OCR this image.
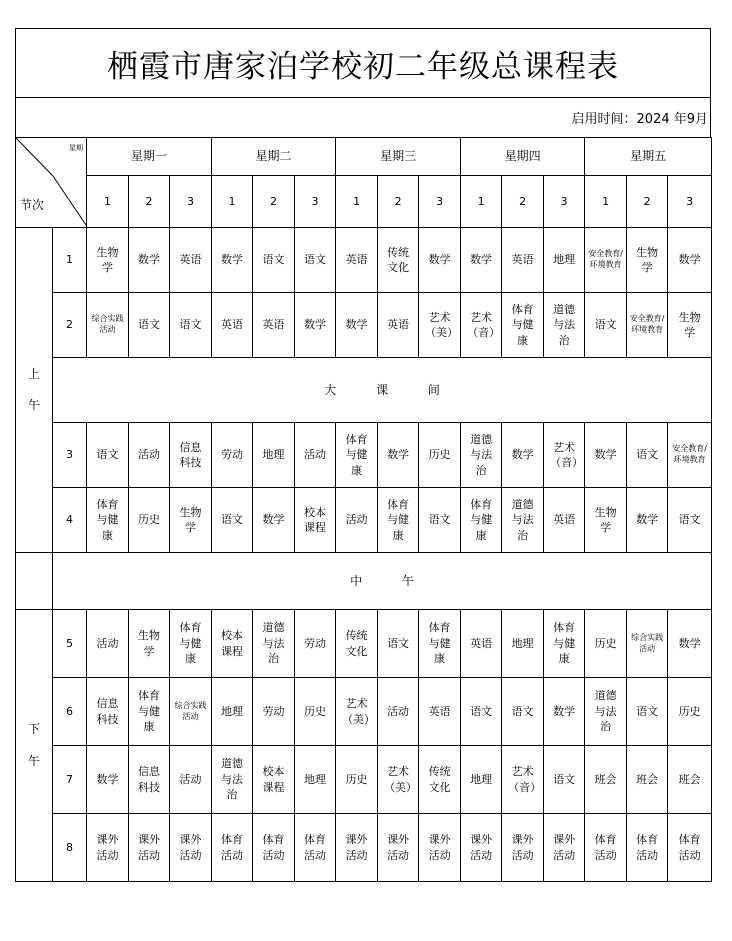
栖霞市唐家泊学校初二年级总课程表
启用时间：2024 年9月
星期
节次		星期一			星期二			星期三			星期四			星期五		
		1	2	3	1	2	3	1	2	3	1	2	3	1	2	3

上
午	1	生物学	数学	英语	数学	语文	语文	英语	传统文化	数学	数学	英语	地理	安全教育/环境教育	生物学	数学
	2	综合实践活动	语文	语文	英语	英语	数学	数学	英语	艺术（美）	艺术（音）	体育与健康	道德与法治	语文	安全教育/环境教育	生物学
	大 课 间															
	3	语文	活动	信息科技	劳动	地理	活动	体育与健康	数学	历史	道德与法治	数学	艺术（音）	数学	语文	安全教育/环境教育
	4	体育与健康	历史	生物学	语文	数学	校本课程	活动	体育与健康	语文	体育与健康	道德与法治	英语	生物学	数学	语文
	中 午															

下
午	5	活动	生物学	体育与健康	校本课程	道德与法治	劳动	传统文化	语文	体育与健康	英语	地理	体育与健康	历史	综合实践活动	数学
	6	信息科技	体育与健康	综合实践活动	地理	劳动	历史	艺术（美）	活动	英语	语文	语文	数学	道德与法治	语文	历史
	7	数学	信息科技	活动	道德与法治	校本课程	地理	历史	艺术（美）	传统文化	地理	艺术（音）	语文	班会	班会	班会
	8	课外活动	课外活动	课外活动	体育活动	体育活动	体育活动	课外活动	课外活动	课外活动	课外活动	课外活动	课外活动	体育活动	体育活动	体育活动
